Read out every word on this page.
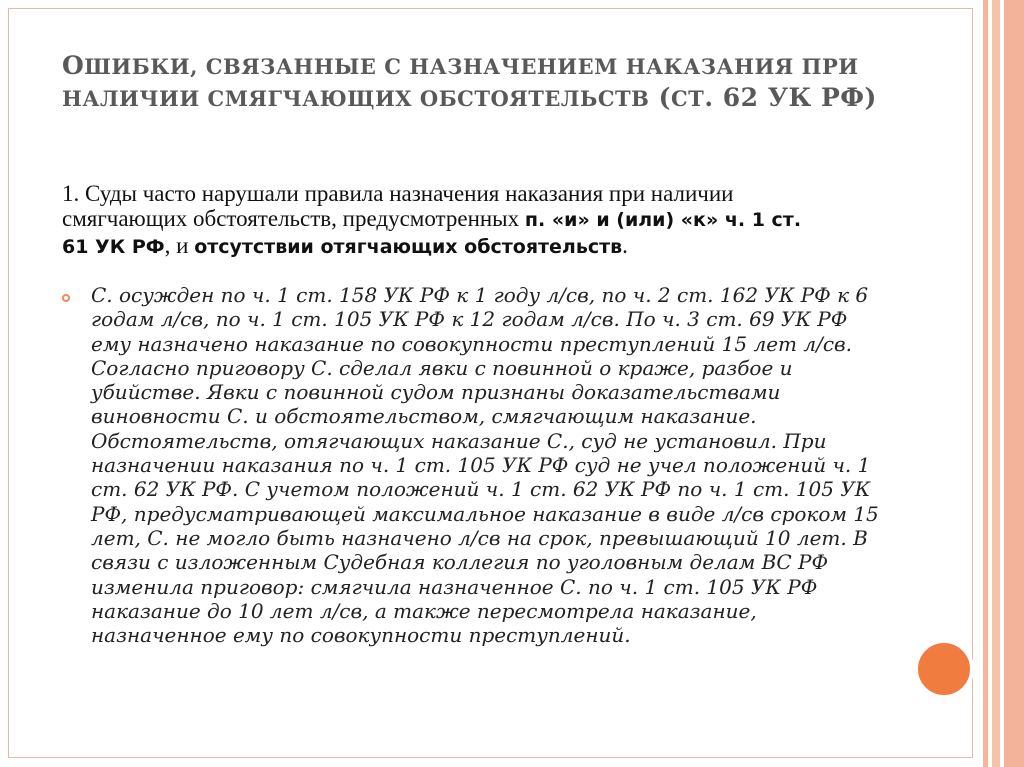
ОШИБКИ, СВЯЗАННЫЕ С НАЗНАЧЕНИЕМ НАКАЗАНИЯ ПРИ
НАЛИЧИИ СМЯГЧАЮЩИХ ОБСТОЯТЕЛЬСТВ (СТ. 62 УК РФ)

1. Суды часто нарушали правила назначения наказания при наличии смягчающих обстоятельств, предусмотренных п. «и» и (или) «к» ч. 1 ст. 61 УК РФ, и отсутствии отягчающих обстоятельств.

С. осужден по ч. 1 ст. 158 УК РФ к 1 году л/св, по ч. 2 ст. 162 УК РФ к 6 годам л/св, по ч. 1 ст. 105 УК РФ к 12 годам л/св. По ч. 3 ст. 69 УК РФ ему назначено наказание по совокупности преступлений 15 лет л/св. Согласно приговору С. сделал явки с повинной о краже, разбое и убийстве. Явки с повинной судом признаны доказательствами виновности С. и обстоятельством, смягчающим наказание. Обстоятельств, отягчающих наказание С., суд не установил. При назначении наказания по ч. 1 ст. 105 УК РФ суд не учел положений ч. 1 ст. 62 УК РФ. С учетом положений ч. 1 ст. 62 УК РФ по ч. 1 ст. 105 УК РФ, предусматривающей максимальное наказание в виде л/св сроком 15 лет, С. не могло быть назначено л/св на срок, превышающий 10 лет. В связи с изложенным Судебная коллегия по уголовным делам ВС РФ изменила приговор: смягчила назначенное С. по ч. 1 ст. 105 УК РФ наказание до 10 лет л/св, а также пересмотрела наказание, назначенное ему по совокупности преступлений.
